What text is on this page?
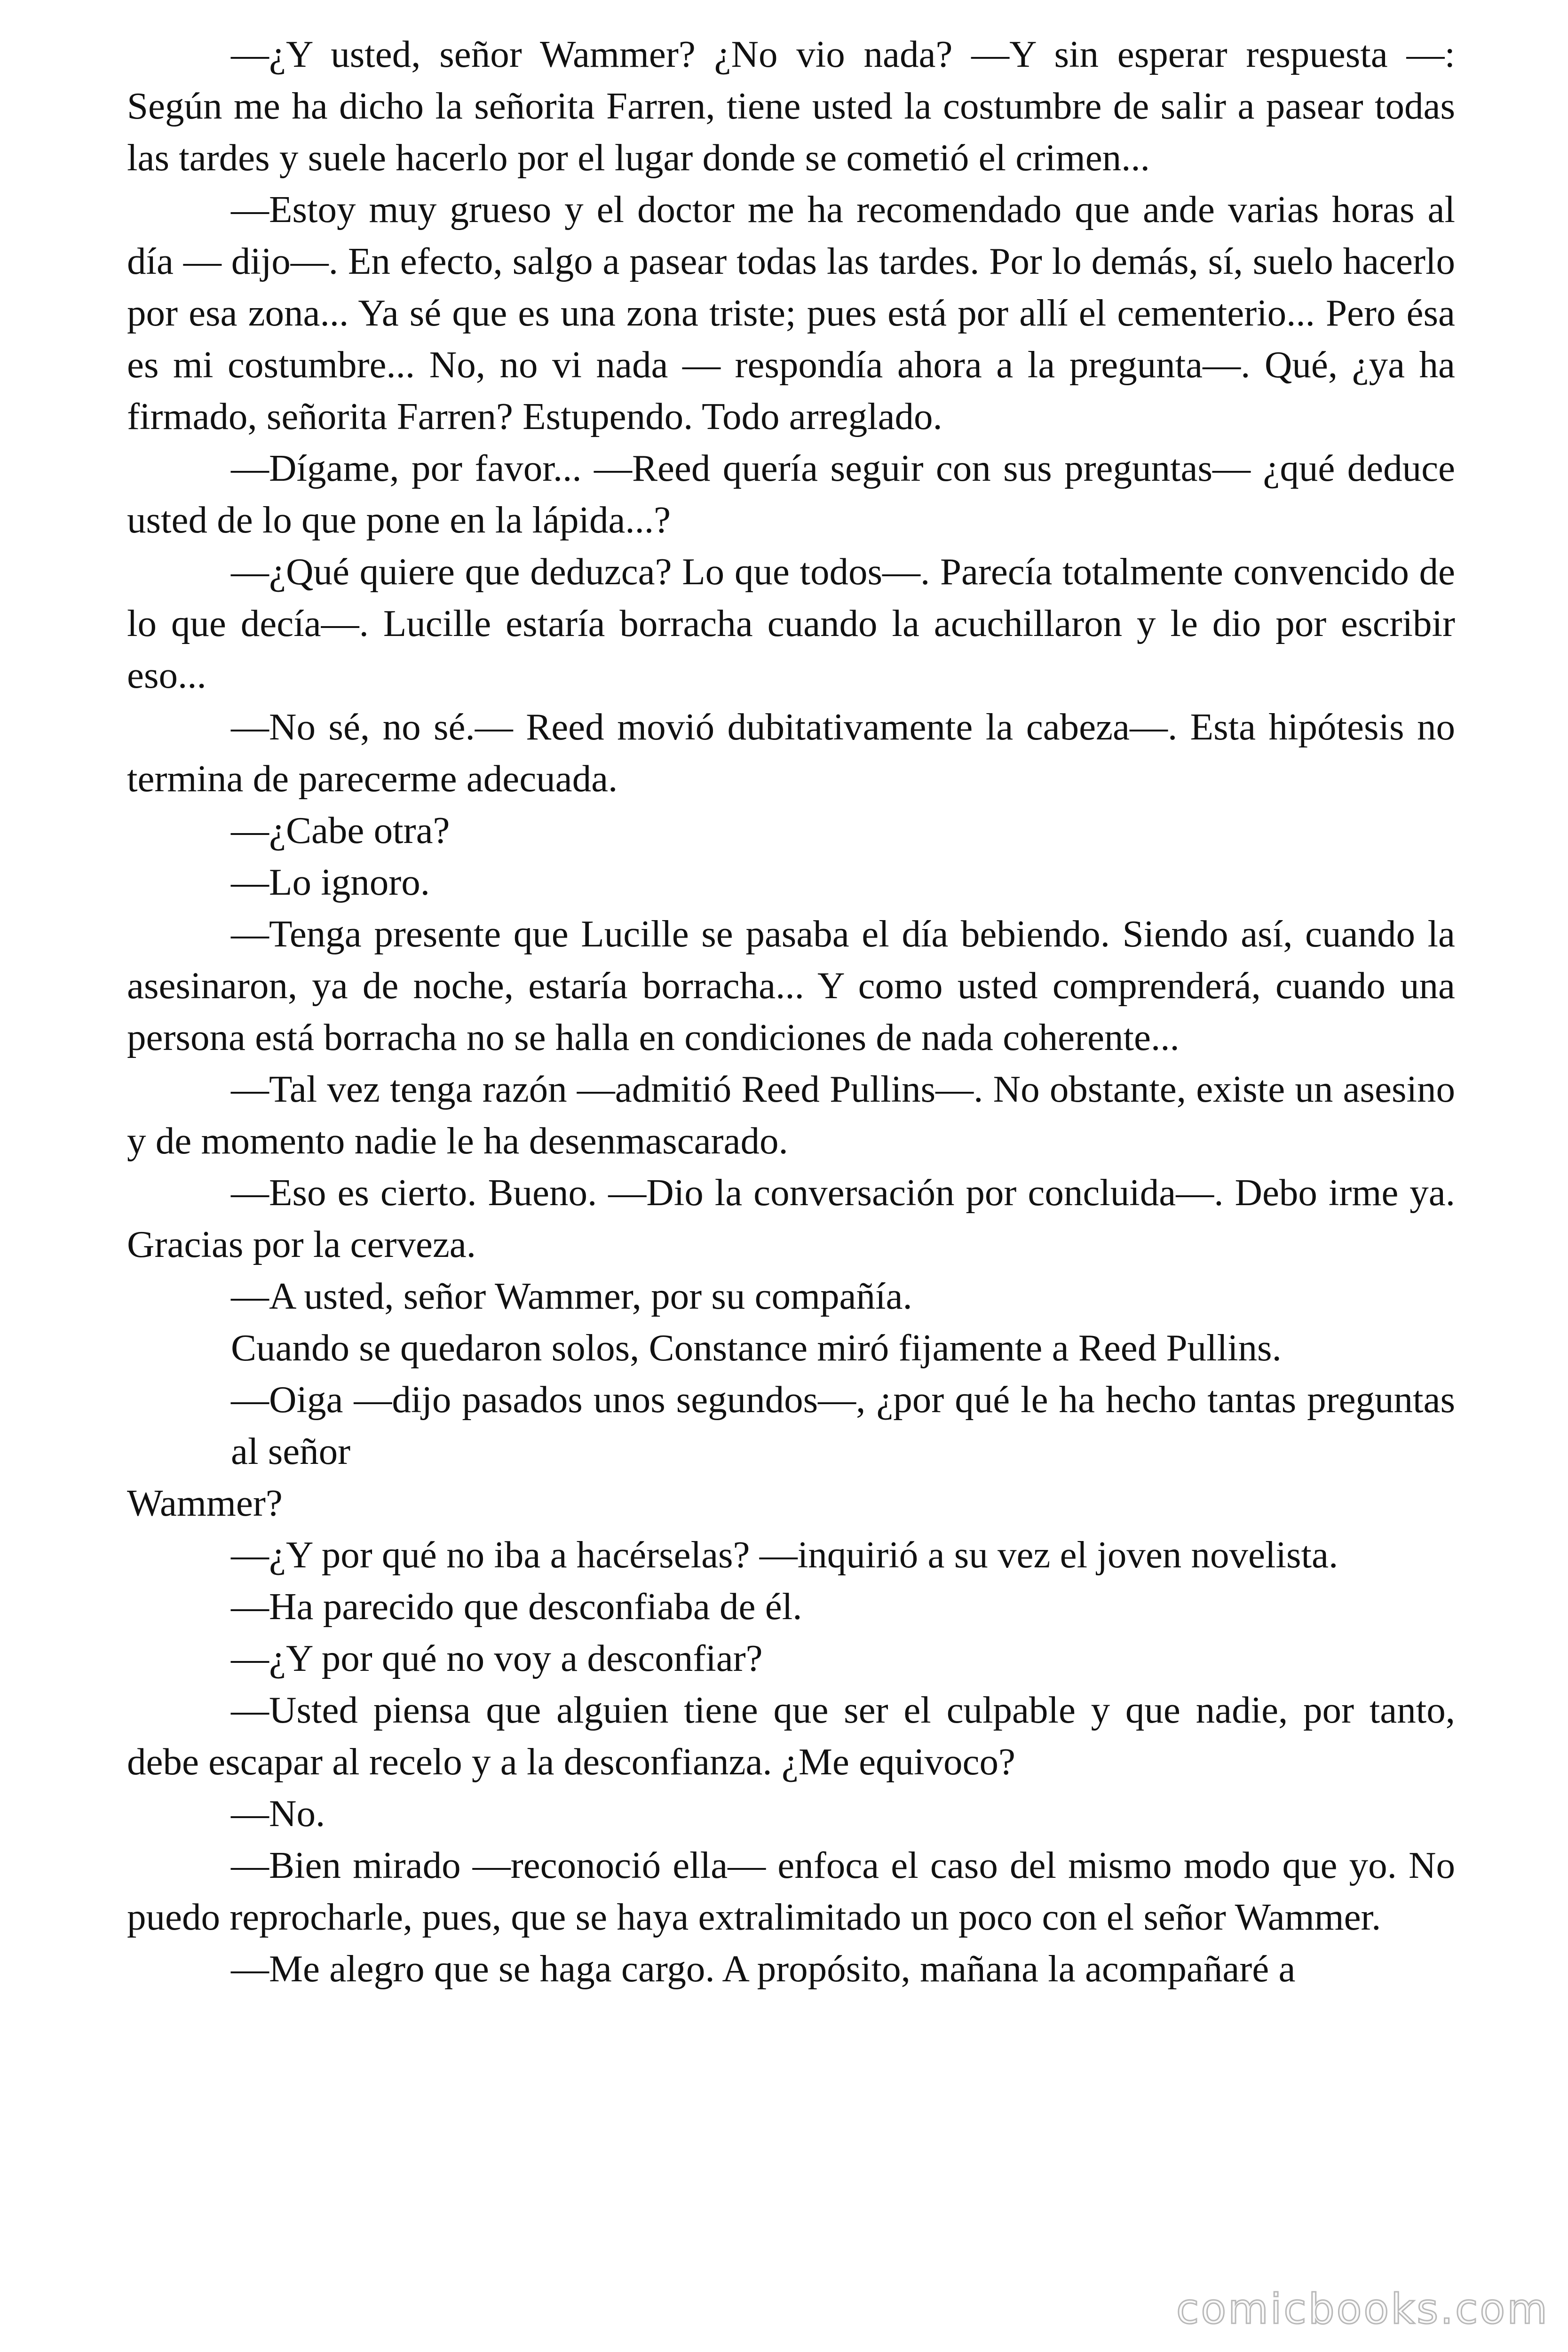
—¿Y usted, señor Wammer? ¿No vio nada? —Y sin esperar respuesta —: Según me ha dicho la señorita Farren, tiene usted la costumbre de salir a pasear todas las tardes y suele hacerlo por el lugar donde se cometió el crimen...

—Estoy muy grueso y el doctor me ha recomendado que ande varias horas al día — dijo—. En efecto, salgo a pasear todas las tardes. Por lo demás, sí, suelo hacerlo por esa zona... Ya sé que es una zona triste; pues está por allí el cementerio... Pero ésa es mi costumbre... No, no vi nada — respondía ahora a la pregunta—. Qué, ¿ya ha firmado, señorita Farren? Estupendo. Todo arreglado.

—Dígame, por favor... —Reed quería seguir con sus preguntas— ¿qué deduce usted de lo que pone en la lápida...?

—¿Qué quiere que deduzca? Lo que todos—. Parecía totalmente convencido de lo que decía—. Lucille estaría borracha cuando la acuchillaron y le dio por escribir eso...

—No sé, no sé.— Reed movió dubitativamente la cabeza—. Esta hipótesis no termina de parecerme adecuada.

—¿Cabe otra?

—Lo ignoro.

—Tenga presente que Lucille se pasaba el día bebiendo. Siendo así, cuando la asesinaron, ya de noche, estaría borracha... Y como usted comprenderá, cuando una persona está borracha no se halla en condiciones de nada coherente...

—Tal vez tenga razón —admitió Reed Pullins—. No obstante, existe un asesino y de momento nadie le ha desenmascarado.

—Eso es cierto. Bueno. —Dio la conversación por concluida—. Debo irme ya. Gracias por la cerveza.

—A usted, señor Wammer, por su compañía.

Cuando se quedaron solos, Constance miró fijamente a Reed Pullins.

—Oiga —dijo pasados unos segundos—, ¿por qué le ha hecho tantas preguntas al señor

Wammer?

—¿Y por qué no iba a hacérselas? —inquirió a su vez el joven novelista.

—Ha parecido que desconfiaba de él.

—¿Y por qué no voy a desconfiar?

—Usted piensa que alguien tiene que ser el culpable y que nadie, por tanto, debe escapar al recelo y a la desconfianza. ¿Me equivoco?

—No.

—Bien mirado —reconoció ella— enfoca el caso del mismo modo que yo. No puedo reprocharle, pues, que se haya extralimitado un poco con el señor Wammer.

—Me alegro que se haga cargo. A propósito, mañana la acompañaré a

comicbooks.com
